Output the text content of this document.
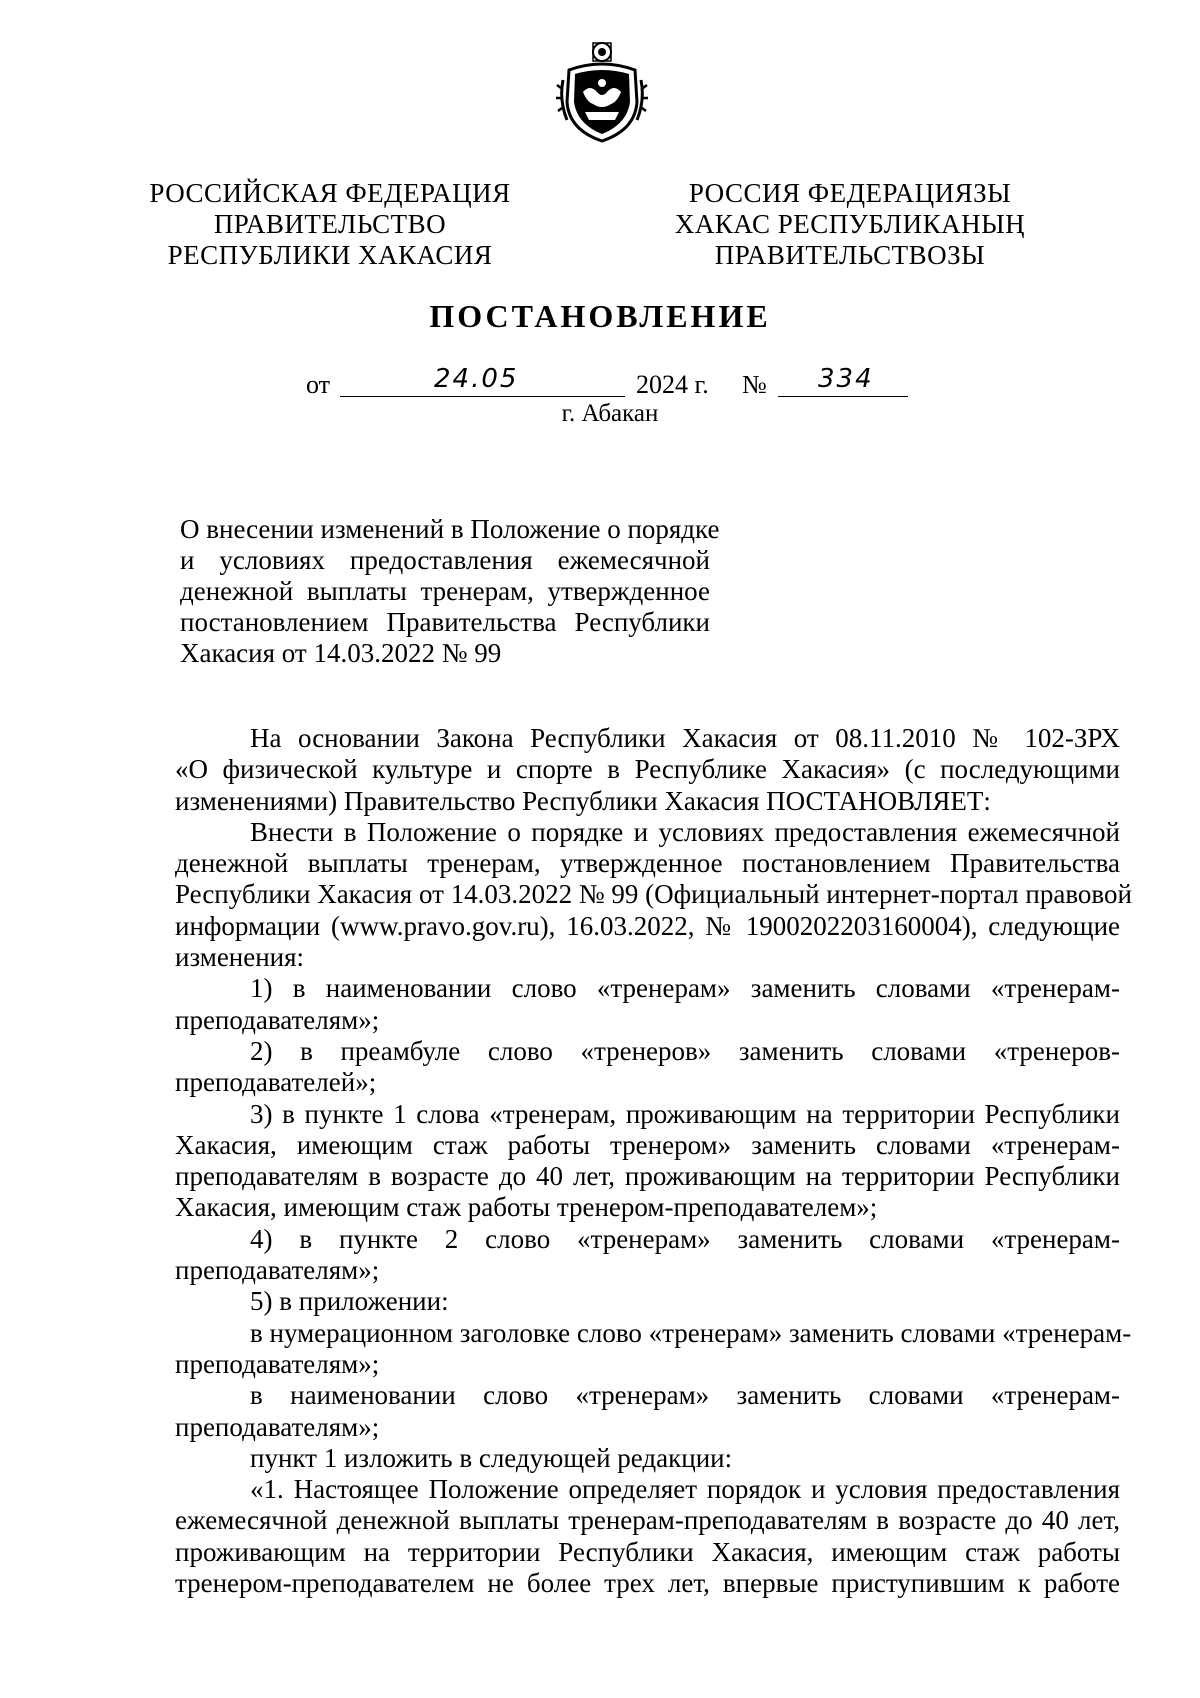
РОССИЙСКАЯ ФЕДЕРАЦИЯ
ПРАВИТЕЛЬСТВО
РЕСПУБЛИКИ ХАКАСИЯ
РОССИЯ ФЕДЕРАЦИЯЗЫ
ХАКАС РЕСПУБЛИКАНЫҢ
ПРАВИТЕЛЬСТВОЗЫ
ПОСТАНОВЛЕНИЕ
от	24.05	2024 г. № 334
г. Абакан
О внесении изменений в Положение о порядке
и условиях предоставления ежемесячной
денежной выплаты тренерам, утвержденное
постановлением Правительства Республики
Хакасия от 14.03.2022 № 99
На основании Закона Республики Хакасия от 08.11.2010 № 102-ЗРХ
«О физической культуре и спорте в Республике Хакасия» (с последующими
изменениями) Правительство Республики Хакасия ПОСТАНОВЛЯЕТ:
Внести в Положение о порядке и условиях предоставления ежемесячной
денежной выплаты тренерам, утвержденное постановлением Правительства
Республики Хакасия от 14.03.2022 № 99 (Официальный интернет-портал правовой
информации (www.pravo.gov.ru), 16.03.2022, № 1900202203160004), следующие
изменения:
1) в наименовании слово «тренерам» заменить словами «тренерам-
преподавателям»;
2) в преамбуле слово «тренеров» заменить словами «тренеров-
преподавателей»;
3) в пункте 1 слова «тренерам, проживающим на территории Республики
Хакасия, имеющим стаж работы тренером» заменить словами «тренерам-
преподавателям в возрасте до 40 лет, проживающим на территории Республики
Хакасия, имеющим стаж работы тренером-преподавателем»;
4) в пункте 2 слово «тренерам» заменить словами «тренерам-
преподавателям»;
5) в приложении:
в нумерационном заголовке слово «тренерам» заменить словами «тренерам-
преподавателям»;
в наименовании слово «тренерам» заменить словами «тренерам-
преподавателям»;
пункт 1 изложить в следующей редакции:
«1. Настоящее Положение определяет порядок и условия предоставления
ежемесячной денежной выплаты тренерам-преподавателям в возрасте до 40 лет,
проживающим на территории Республики Хакасия, имеющим стаж работы
тренером-преподавателем не более трех лет, впервые приступившим к работе
